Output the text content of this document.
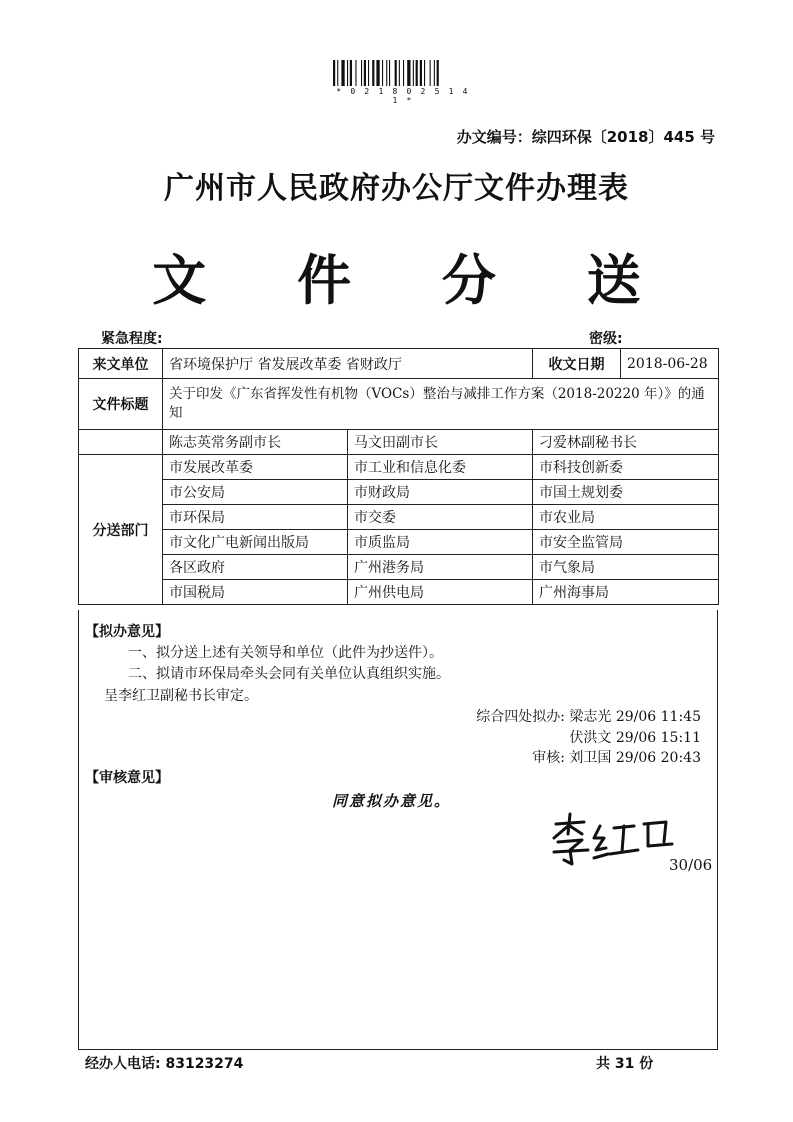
* 0 2 1 8 0 2 5 1 4 1 *
办文编号：综四环保〔2018〕445 号
广州市人民政府办公厅文件办理表
文 件 分 送
紧急程度:	密级:
来文单位	省环境保护厅 省发展改革委 省财政厅		收文日期	2018-06-28
文件标题	关于印发《广东省挥发性有机物（VOCs）整治与减排工作方案（2018-20220 年）》的通知			
	陈志英常务副市长	马文田副市长	刁爱林副秘书长	
分送部门	市发展改革委	市工业和信息化委	市科技创新委	
	市公安局	市财政局	市国土规划委	
	市环保局	市交委	市农业局	
	市文化广电新闻出版局	市质监局	市安全监管局	
	各区政府	广州港务局	市气象局	
	市国税局	广州供电局	广州海事局	
【拟办意见】
一、拟分送上述有关领导和单位（此件为抄送件）。
二、拟请市环保局牵头会同有关单位认真组织实施。
呈李红卫副秘书长审定。
综合四处拟办: 梁志光 29/06 11:45
伏洪文 29/06 15:11
审核: 刘卫国 29/06 20:43
【审核意见】
同意拟办意见。
30/06
经办人电话: 83123274	共 31 份
